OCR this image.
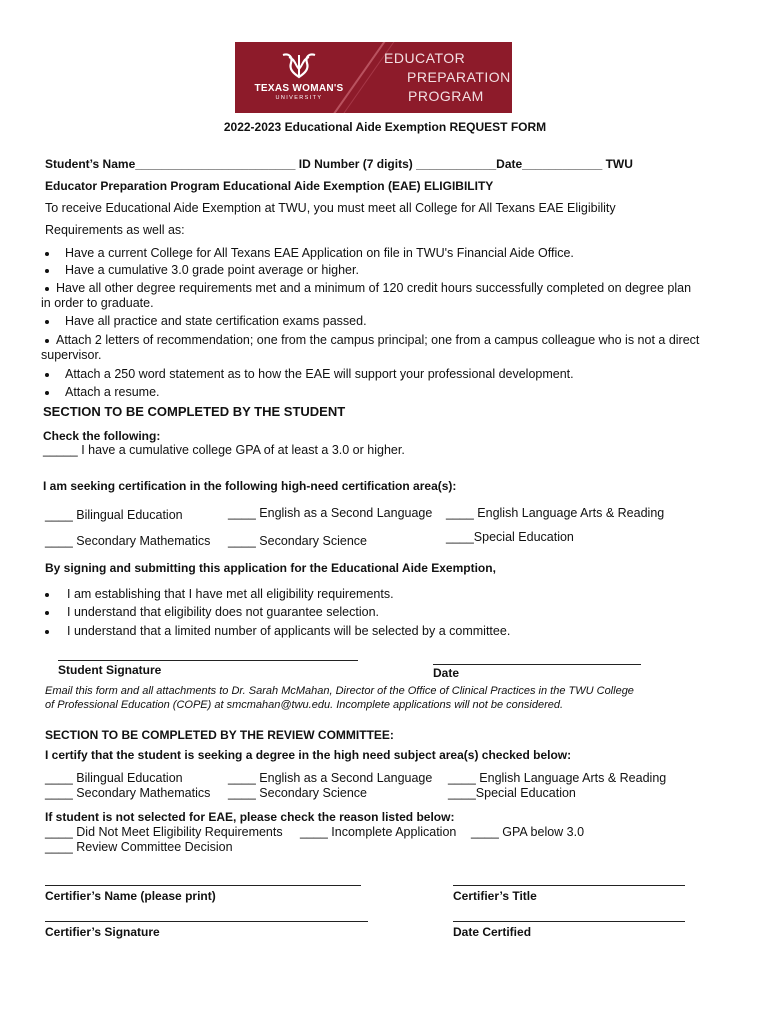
TEXAS WOMAN'S
UNIVERSITY
EDUCATOR
PREPARATION
PROGRAM
2022-2023 Educational Aide Exemption REQUEST FORM
Student’s Name________________________ ID Number (7 digits) ____________Date____________ TWU
Educator Preparation Program Educational Aide Exemption (EAE) ELIGIBILITY
To receive Educational Aide Exemption at TWU, you must meet all College for All Texans EAE Eligibility
Requirements as well as:
Have a current College for All Texans EAE Application on file in TWU's Financial Aide Office.
Have a cumulative 3.0 grade point average or higher.
Have all other degree requirements met and a minimum of 120 credit hours successfully completed on degree plan
in order to graduate.
Have all practice and state certification exams passed.
Attach 2 letters of recommendation; one from the campus principal; one from a campus colleague who is not a direct
supervisor.
Attach a 250 word statement as to how the EAE will support your professional development.
Attach a resume.
SECTION TO BE COMPLETED BY THE STUDENT
Check the following:
_____ I have a cumulative college GPA of at least a 3.0 or higher.
I am seeking certification in the following high-need certification area(s):
____ Bilingual Education	____ English as a Second Language ____ English Language Arts & Reading
____ Secondary Mathematics ____ Secondary Science	____Special Education
By signing and submitting this application for the Educational Aide Exemption,
I am establishing that I have met all eligibility requirements.
I understand that eligibility does not guarantee selection.
I understand that a limited number of applicants will be selected by a committee.
Student Signature	Date
Email this form and all attachments to Dr. Sarah McMahan, Director of the Office of Clinical Practices in the TWU College
of Professional Education (COPE) at smcmahan@twu.edu. Incomplete applications will not be considered.
SECTION TO BE COMPLETED BY THE REVIEW COMMITTEE:
I certify that the student is seeking a degree in the high need subject area(s) checked below:
____ Bilingual Education	____ English as a Second Language ____ English Language Arts & Reading
____ Secondary Mathematics ____ Secondary Science	____Special Education
If student is not selected for EAE, please check the reason listed below:
____ Did Not Meet Eligibility Requirements ____ Incomplete Application ____ GPA below 3.0
____ Review Committee Decision
Certifier’s Name (please print)	Certifier’s Title
Certifier’s Signature	Date Certified
